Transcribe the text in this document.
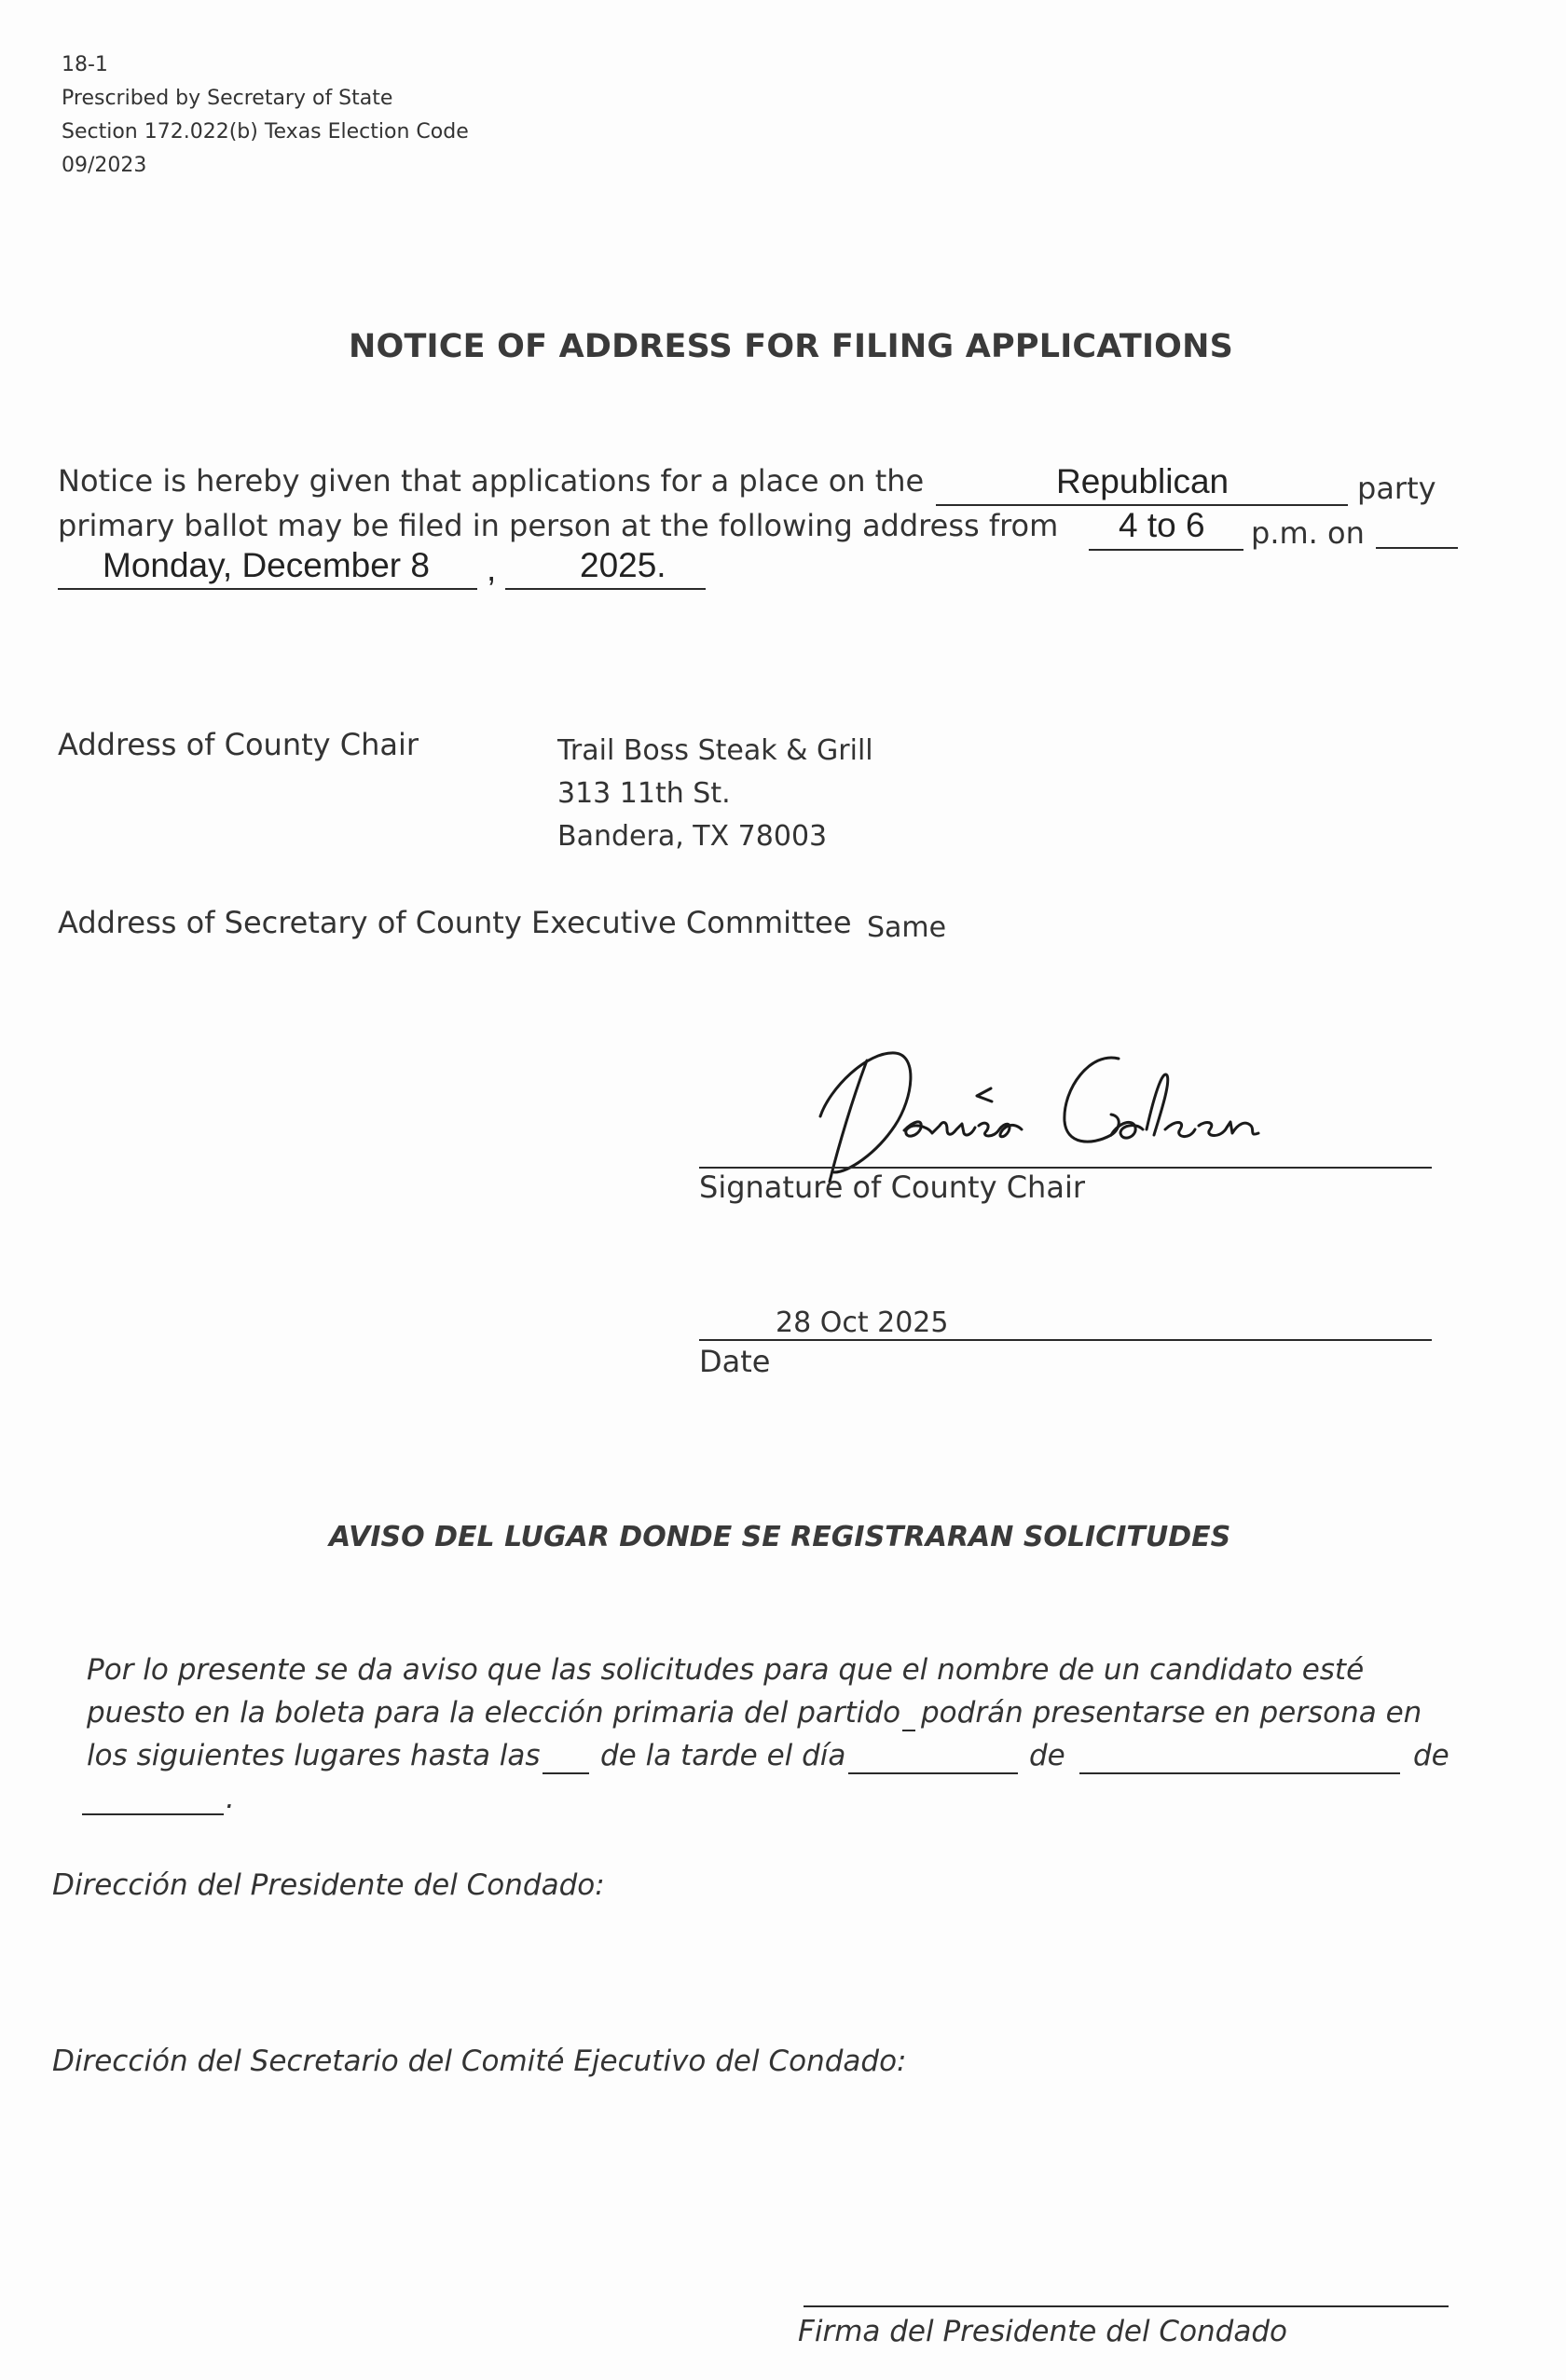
18-1
Prescribed by Secretary of State
Section 172.022(b) Texas Election Code
09/2023
NOTICE OF ADDRESS FOR FILING APPLICATIONS
Notice is hereby given that applications for a place on the	Republican	party
primary ballot may be filed in person at the following address from 4 to 6 p.m. on
Monday, December 8 , 2025.
Address of County Chair	Trail Boss Steak & Grill
313 11th St.
Bandera, TX 78003
Address of Secretary of County Executive Committee Same
Signature of County Chair
28 Oct 2025
Date
AVISO DEL LUGAR DONDE SE REGISTRARAN SOLICITUDES
Por lo presente se da aviso que las solicitudes para que el nombre de un candidato esté
puesto en la boleta para la elección primaria del partido podrán presentarse en persona en
los siguientes lugares hasta las de la tarde el día	de	de
.
Dirección del Presidente del Condado:
Dirección del Secretario del Comité Ejecutivo del Condado:
Firma del Presidente del Condado
